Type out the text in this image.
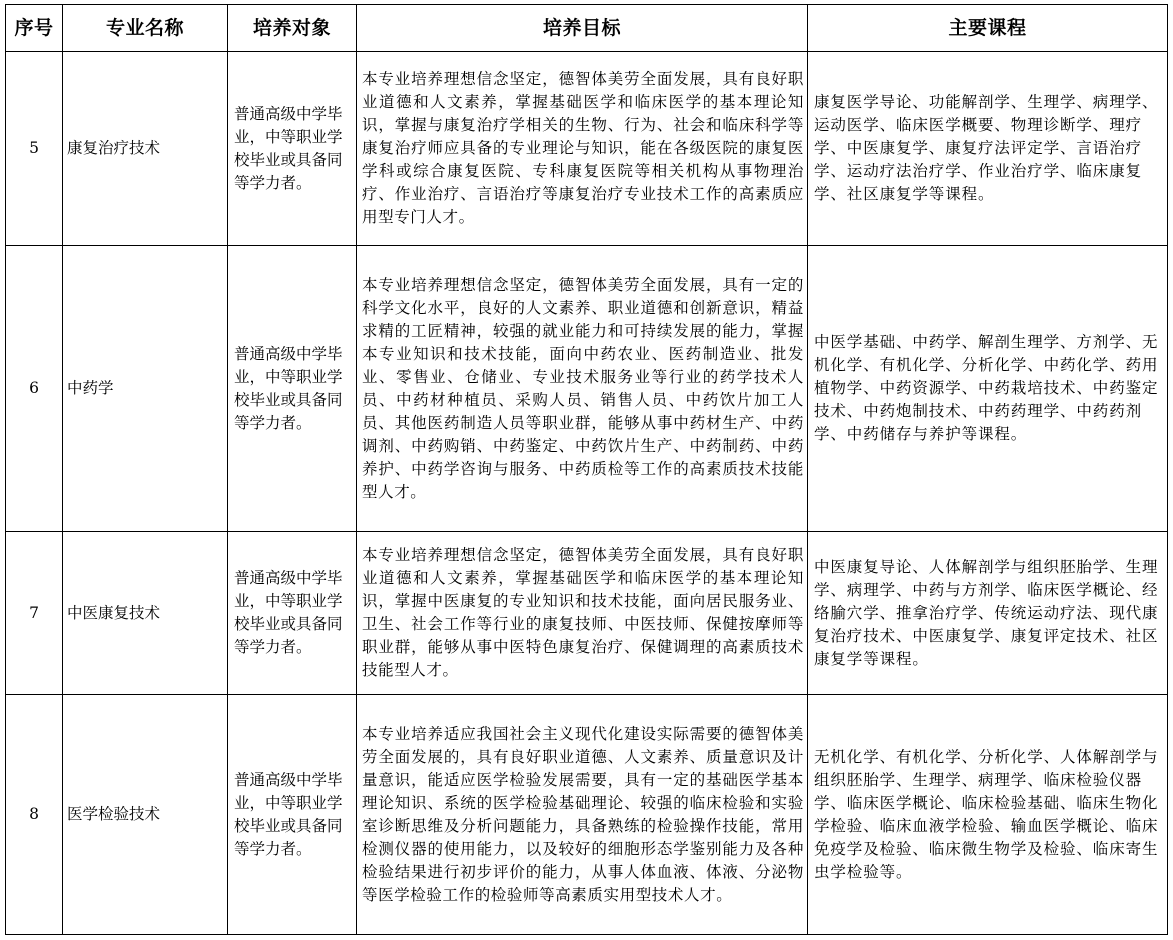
序号	专业名称	培养对象	培养目标	主要课程
5	康复治疗技术	普通高级中学毕业，中等职业学校毕业或具备同等学力者。	本专业培养理想信念坚定，德智体美劳全面发展，具有良好职业道德和人文素养，掌握基础医学和临床医学的基本理论知识，掌握与康复治疗学相关的生物、行为、社会和临床科学等康复治疗师应具备的专业理论与知识，能在各级医院的康复医学科或综合康复医院、专科康复医院等相关机构从事物理治疗、作业治疗、言语治疗等康复治疗专业技术工作的高素质应用型专门人才。	康复医学导论、功能解剖学、生理学、病理学、运动医学、临床医学概要、物理诊断学、理疗学、中医康复学、康复疗法评定学、言语治疗学、运动疗法治疗学、作业治疗学、临床康复学、社区康复学等课程。
6	中药学	普通高级中学毕业，中等职业学校毕业或具备同等学力者。	本专业培养理想信念坚定，德智体美劳全面发展，具有一定的科学文化水平，良好的人文素养、职业道德和创新意识，精益求精的工匠精神，较强的就业能力和可持续发展的能力，掌握本专业知识和技术技能，面向中药农业、医药制造业、批发业、零售业、仓储业、专业技术服务业等行业的药学技术人员、中药材种植员、采购人员、销售人员、中药饮片加工人员、其他医药制造人员等职业群，能够从事中药材生产、中药调剂、中药购销、中药鉴定、中药饮片生产、中药制药、中药养护、中药学咨询与服务、中药质检等工作的高素质技术技能型人才。	中医学基础、中药学、解剖生理学、方剂学、无机化学、有机化学、分析化学、中药化学、药用植物学、中药资源学、中药栽培技术、中药鉴定技术、中药炮制技术、中药药理学、中药药剂学、中药储存与养护等课程。
7	中医康复技术	普通高级中学毕业，中等职业学校毕业或具备同等学力者。	本专业培养理想信念坚定，德智体美劳全面发展，具有良好职业道德和人文素养，掌握基础医学和临床医学的基本理论知识，掌握中医康复的专业知识和技术技能，面向居民服务业、卫生、社会工作等行业的康复技师、中医技师、保健按摩师等职业群，能够从事中医特色康复治疗、保健调理的高素质技术技能型人才。	中医康复导论、人体解剖学与组织胚胎学、生理学、病理学、中药与方剂学、临床医学概论、经络腧穴学、推拿治疗学、传统运动疗法、现代康复治疗技术、中医康复学、康复评定技术、社区康复学等课程。
8	医学检验技术	普通高级中学毕业，中等职业学校毕业或具备同等学力者。	本专业培养适应我国社会主义现代化建设实际需要的德智体美劳全面发展的，具有良好职业道德、人文素养、质量意识及计量意识，能适应医学检验发展需要，具有一定的基础医学基本理论知识、系统的医学检验基础理论、较强的临床检验和实验室诊断思维及分析问题能力，具备熟练的检验操作技能，常用检测仪器的使用能力，以及较好的细胞形态学鉴别能力及各种检验结果进行初步评价的能力，从事人体血液、体液、分泌物等医学检验工作的检验师等高素质实用型技术人才。	无机化学、有机化学、分析化学、人体解剖学与组织胚胎学、生理学、病理学、临床检验仪器学、临床医学概论、临床检验基础、临床生物化学检验、临床血液学检验、输血医学概论、临床免疫学及检验、临床微生物学及检验、临床寄生虫学检验等。
